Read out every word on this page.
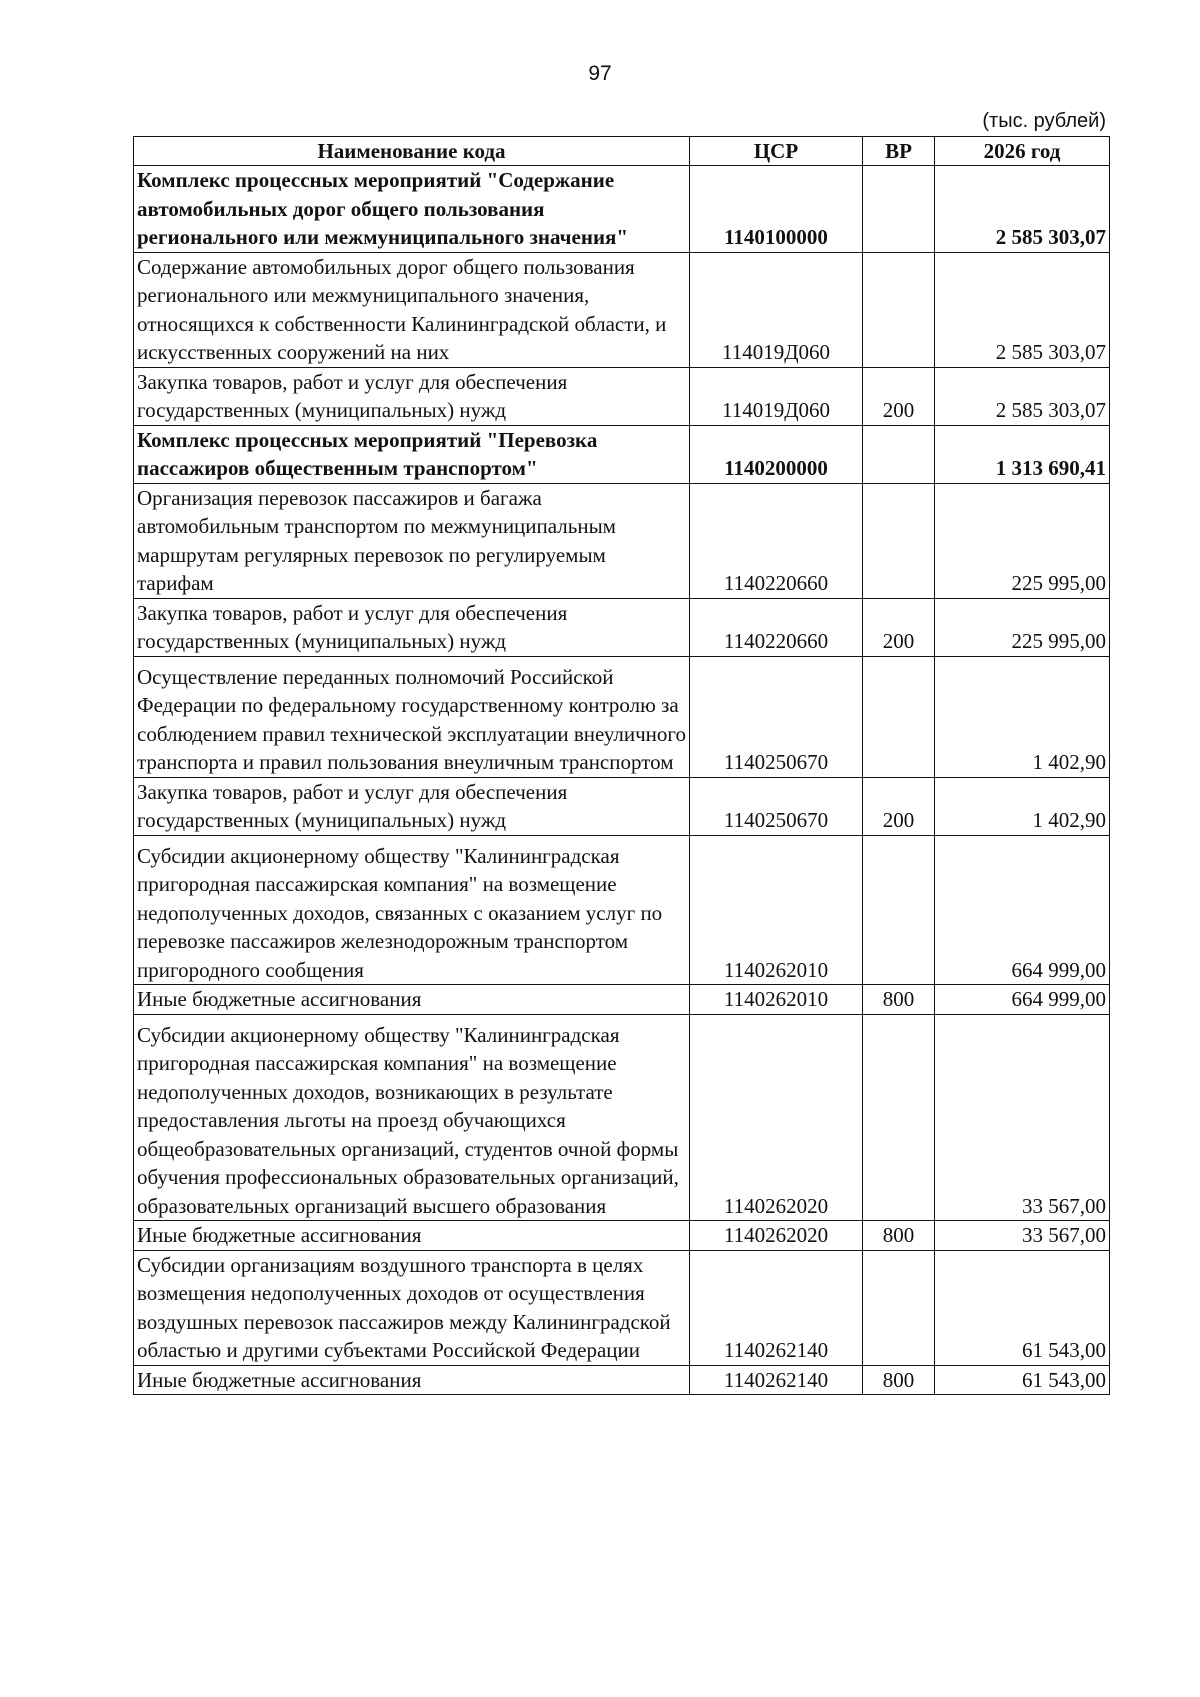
97
(тыс. рублей)
Наименование кода	ЦСР	ВР	2026 год
Комплекс процессных мероприятий "Содержание автомобильных дорог общего пользования регионального или межмуниципального значения"	1140100000		2 585 303,07
Содержание автомобильных дорог общего пользования регионального или межмуниципального значения, относящихся к собственности Калининградской области, и искусственных сооружений на них	114019Д060		2 585 303,07
Закупка товаров, работ и услуг для обеспечения государственных (муниципальных) нужд	114019Д060	200	2 585 303,07
Комплекс процессных мероприятий "Перевозка пассажиров общественным транспортом"	1140200000		1 313 690,41
Организация перевозок пассажиров и багажа автомобильным транспортом по межмуниципальным маршрутам регулярных перевозок по регулируемым тарифам	1140220660		225 995,00
Закупка товаров, работ и услуг для обеспечения государственных (муниципальных) нужд	1140220660	200	225 995,00
Осуществление переданных полномочий Российской Федерации по федеральному государственному контролю за соблюдением правил технической эксплуатации внеуличного транспорта и правил пользования внеуличным транспортом	1140250670		1 402,90
Закупка товаров, работ и услуг для обеспечения государственных (муниципальных) нужд	1140250670	200	1 402,90
Субсидии акционерному обществу "Калининградская пригородная пассажирская компания" на возмещение недополученных доходов, связанных с оказанием услуг по перевозке пассажиров железнодорожным транспортом пригородного сообщения	1140262010		664 999,00
Иные бюджетные ассигнования	1140262010	800	664 999,00
Субсидии акционерному обществу "Калининградская пригородная пассажирская компания" на возмещение недополученных доходов, возникающих в результате предоставления льготы на проезд обучающихся общеобразовательных организаций, студентов очной формы обучения профессиональных образовательных организаций, образовательных организаций высшего образования	1140262020		33 567,00
Иные бюджетные ассигнования	1140262020	800	33 567,00
Субсидии организациям воздушного транспорта в целях возмещения недополученных доходов от осуществления воздушных перевозок пассажиров между Калининградской областью и другими субъектами Российской Федерации	1140262140		61 543,00
Иные бюджетные ассигнования	1140262140	800	61 543,00
